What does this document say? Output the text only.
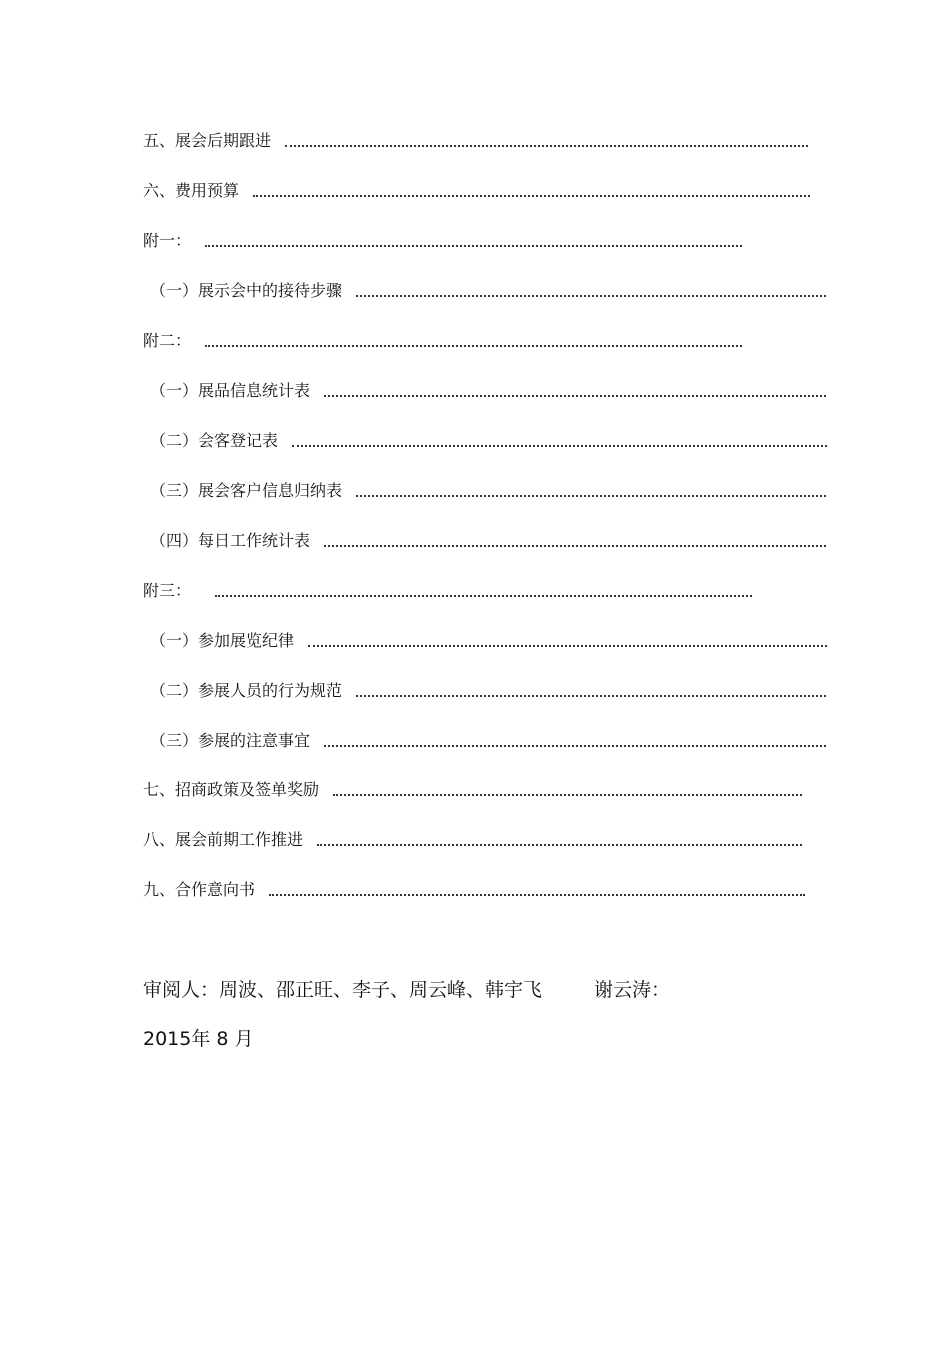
五、展会后期跟进
六、费用预算
附一：
（一）展示会中的接待步骤
附二：
（一）展品信息统计表
（二）会客登记表
（三）展会客户信息归纳表
（四）每日工作统计表
附三：
（一）参加展览纪律
（二）参展人员的行为规范
（三）参展的注意事宜
七、招商政策及签单奖励
八、展会前期工作推进
九、合作意向书
审阅人：周波、邵正旺、李子、周云峰、韩宇飞	谢云涛：
2015年 8 月
